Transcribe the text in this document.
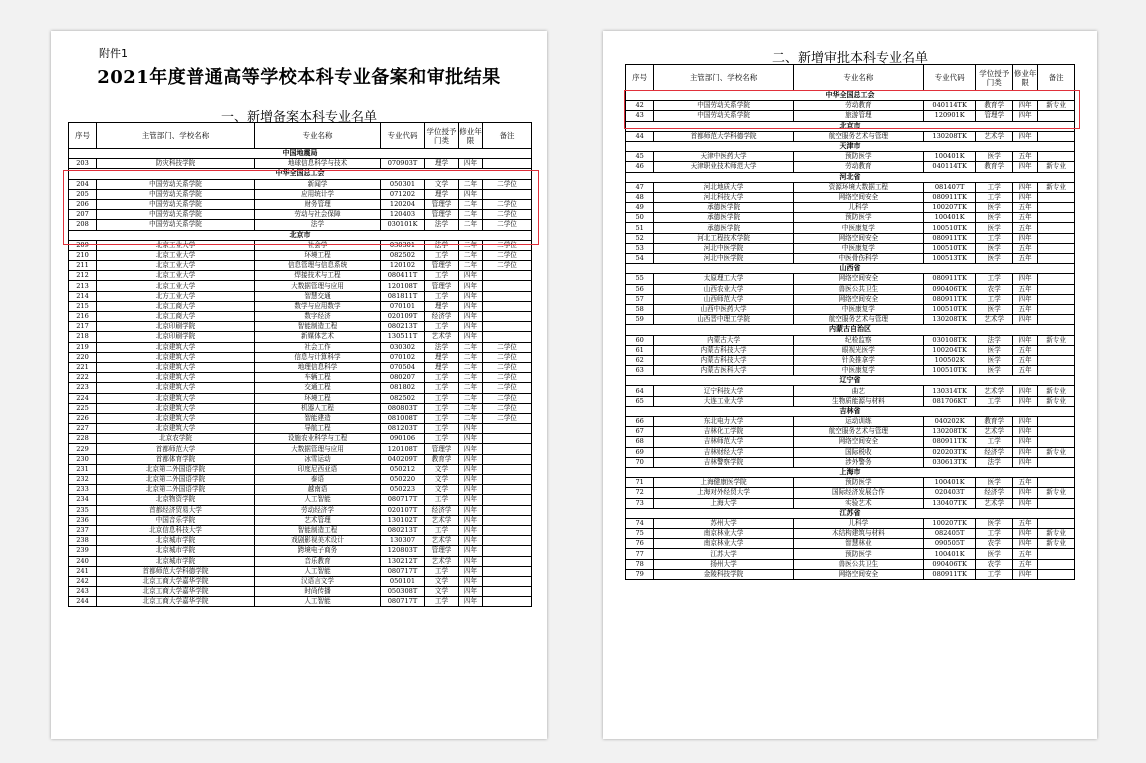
附件1
2021年度普通高等学校本科专业备案和审批结果
一、新增备案本科专业名单
序号	主管部门、学校名称	专业名称	专业代码	学位授予门类	修业年限	备注
中国地震局						
203	防灾科技学院	地球信息科学与技术	070903T	理学	四年	
中华全国总工会						
204	中国劳动关系学院	新闻学	050301	文学	二年	二学位
205	中国劳动关系学院	应用统计学	071202	理学	四年	
206	中国劳动关系学院	财务管理	120204	管理学	二年	二学位
207	中国劳动关系学院	劳动与社会保障	120403	管理学	二年	二学位
208	中国劳动关系学院	法学	030101K	法学	二年	二学位
北京市						
209	北京工业大学	社会学	030301	法学	二年	二学位
210	北京工业大学	环境工程	082502	工学	二年	二学位
211	北京工业大学	信息管理与信息系统	120102	管理学	二年	二学位
212	北京工业大学	焊接技术与工程	080411T	工学	四年	
213	北京工业大学	大数据管理与应用	120108T	管理学	四年	
214	北方工业大学	智慧交通	081811T	工学	四年	
215	北京工商大学	数学与应用数学	070101	理学	四年	
216	北京工商大学	数字经济	020109T	经济学	四年	
217	北京印刷学院	智能制造工程	080213T	工学	四年	
218	北京印刷学院	新媒体艺术	130511T	艺术学	四年	
219	北京建筑大学	社会工作	030302	法学	二年	二学位
220	北京建筑大学	信息与计算科学	070102	理学	二年	二学位
221	北京建筑大学	地理信息科学	070504	理学	二年	二学位
222	北京建筑大学	车辆工程	080207	工学	二年	二学位
223	北京建筑大学	交通工程	081802	工学	二年	二学位
224	北京建筑大学	环境工程	082502	工学	二年	二学位
225	北京建筑大学	机器人工程	080803T	工学	二年	二学位
226	北京建筑大学	智能建造	081008T	工学	二年	二学位
227	北京建筑大学	导航工程	081203T	工学	四年	
228	北京农学院	设施农业科学与工程	090106	工学	四年	
229	首都师范大学	大数据管理与应用	120108T	管理学	四年	
230	首都体育学院	冰雪运动	040209T	教育学	四年	
231	北京第二外国语学院	印度尼西亚语	050212	文学	四年	
232	北京第二外国语学院	泰语	050220	文学	四年	
233	北京第二外国语学院	越南语	050223	文学	四年	
234	北京物资学院	人工智能	080717T	工学	四年	
235	首都经济贸易大学	劳动经济学	020107T	经济学	四年	
236	中国音乐学院	艺术管理	130102T	艺术学	四年	
237	北京信息科技大学	智能制造工程	080213T	工学	四年	
238	北京城市学院	戏剧影视美术设计	130307	艺术学	四年	
239	北京城市学院	跨境电子商务	120803T	管理学	四年	
240	北京城市学院	音乐教育	130212T	艺术学	四年	
241	首都师范大学科德学院	人工智能	080717T	工学	四年	
242	北京工商大学嘉华学院	汉语言文学	050101	文学	四年	
243	北京工商大学嘉华学院	时尚传播	050308T	文学	四年	
244	北京工商大学嘉华学院	人工智能	080717T	工学	四年	
二、新增审批本科专业名单
序号	主管部门、学校名称	专业名称	专业代码	学位授予门类	修业年限	备注
中华全国总工会						
42	中国劳动关系学院	劳动教育	040114TK	教育学	四年	新专业
43	中国劳动关系学院	旅游管理	120901K	管理学	四年	
北京市						
44	首都师范大学科德学院	航空服务艺术与管理	130208TK	艺术学	四年	
天津市						
45	天津中医药大学	预防医学	100401K	医学	五年	
46	天津职业技术师范大学	劳动教育	040114TK	教育学	四年	新专业
河北省						
47	河北地质大学	资源环境大数据工程	081407T	工学	四年	新专业
48	河北科技大学	网络空间安全	080911TK	工学	四年	
49	承德医学院	儿科学	100207TK	医学	五年	
50	承德医学院	预防医学	100401K	医学	五年	
51	承德医学院	中医康复学	100510TK	医学	五年	
52	河北工程技术学院	网络空间安全	080911TK	工学	四年	
53	河北中医学院	中医康复学	100510TK	医学	五年	
54	河北中医学院	中医骨伤科学	100513TK	医学	五年	
山西省						
55	太原理工大学	网络空间安全	080911TK	工学	四年	
56	山西农业大学	兽医公共卫生	090406TK	农学	五年	
57	山西师范大学	网络空间安全	080911TK	工学	四年	
58	山西中医药大学	中医康复学	100510TK	医学	五年	
59	山西晋中理工学院	航空服务艺术与管理	130208TK	艺术学	四年	
内蒙古自治区						
60	内蒙古大学	纪检监察	030108TK	法学	四年	新专业
61	内蒙古科技大学	眼视光医学	100204TK	医学	五年	
62	内蒙古科技大学	针灸推拿学	100502K	医学	五年	
63	内蒙古医科大学	中医康复学	100510TK	医学	五年	
辽宁省						
64	辽宁科技大学	曲艺	130314TK	艺术学	四年	新专业
65	大连工业大学	生物质能源与材料	081706KT	工学	四年	新专业
吉林省						
66	东北电力大学	运动训练	040202K	教育学	四年	
67	吉林化工学院	航空服务艺术与管理	130208TK	艺术学	四年	
68	吉林师范大学	网络空间安全	080911TK	工学	四年	
69	吉林财经大学	国际税收	020203TK	经济学	四年	新专业
70	吉林警察学院	涉外警务	030613TK	法学	四年	
上海市						
71	上海健康医学院	预防医学	100401K	医学	五年	
72	上海对外经贸大学	国际经济发展合作	020403T	经济学	四年	新专业
73	上海大学	实验艺术	130407TK	艺术学	四年	
江苏省						
74	苏州大学	儿科学	100207TK	医学	五年	
75	南京林业大学	木结构建筑与材料	082405T	工学	四年	新专业
76	南京林业大学	智慧林业	090505T	农学	四年	新专业
77	江苏大学	预防医学	100401K	医学	五年	
78	扬州大学	兽医公共卫生	090406TK	农学	五年	
79	金陵科技学院	网络空间安全	080911TK	工学	四年	
